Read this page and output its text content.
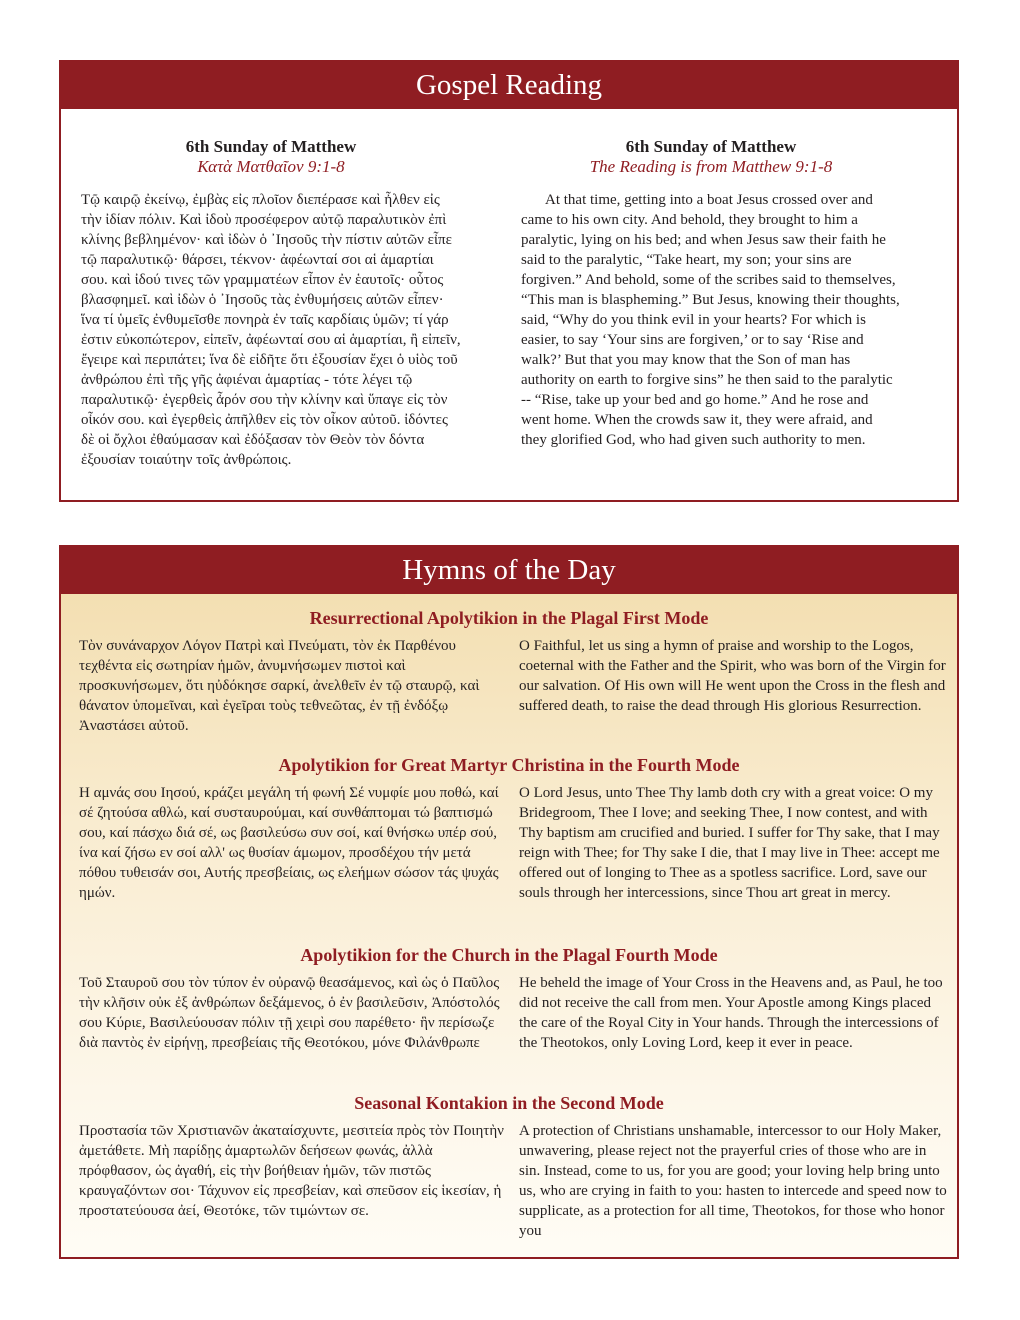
Gospel Reading
6th Sunday of Matthew
Κατὰ Ματθαῖον 9:1-8
Τῷ καιρῷ ἐκείνῳ, ἐμβὰς εἰς πλοῖον διεπέρασε καὶ ἦλθεν εἰς τὴν ἰδίαν πόλιν. Καὶ ἰδοὺ προσέφερον αὐτῷ παραλυτικὸν ἐπὶ κλίνης βεβλημένον· καὶ ἰδὼν ὁ ᾿Ιησοῦς τὴν πίστιν αὐτῶν εἶπε τῷ παραλυτικῷ· θάρσει, τέκνον· ἀφέωνταί σοι αἱ ἁμαρτίαι σου. καὶ ἰδού τινες τῶν γραμματέων εἶπον ἐν ἑαυτοῖς· οὗτος βλασφημεῖ. καὶ ἰδὼν ὁ ᾿Ιησοῦς τὰς ἐνθυμήσεις αὐτῶν εἶπεν· ἵνα τί ὑμεῖς ἐνθυμεῖσθε πονηρὰ ἐν ταῖς καρδίαις ὑμῶν; τί γάρ ἐστιν εὐκοπώτερον, εἰπεῖν, ἀφέωνταί σου αἱ ἁμαρτίαι, ἢ εἰπεῖν, ἔγειρε καὶ περιπάτει; ἵνα δὲ εἰδῆτε ὅτι ἐξουσίαν ἔχει ὁ υἱὸς τοῦ ἀνθρώπου ἐπὶ τῆς γῆς ἀφιέναι ἁμαρτίας - τότε λέγει τῷ παραλυτικῷ· ἐγερθεὶς ἆρόν σου τὴν κλίνην καὶ ὕπαγε εἰς τὸν οἶκόν σου. καὶ ἐγερθεὶς ἀπῆλθεν εἰς τὸν οἶκον αὐτοῦ. ἰδόντες δὲ οἱ ὄχλοι ἐθαύμασαν καὶ ἐδόξασαν τὸν Θεὸν τὸν δόντα ἐξουσίαν τοιαύτην τοῖς ἀνθρώποις.
6th Sunday of Matthew
The Reading is from Matthew 9:1-8
At that time, getting into a boat Jesus crossed over and came to his own city. And behold, they brought to him a paralytic, lying on his bed; and when Jesus saw their faith he said to the paralytic, “Take heart, my son; your sins are forgiven.” And behold, some of the scribes said to themselves, “This man is blaspheming.” But Jesus, knowing their thoughts, said, “Why do you think evil in your hearts? For which is easier, to say ‘Your sins are forgiven,’ or to say ‘Rise and walk?’ But that you may know that the Son of man has authority on earth to forgive sins” he then said to the paralytic -- “Rise, take up your bed and go home.” And he rose and went home. When the crowds saw it, they were afraid, and they glorified God, who had given such authority to men.
Hymns of the Day
Resurrectional Apolytikion in the Plagal First Mode
Τὸν συνάναρχον Λόγον Πατρὶ καὶ Πνεύματι, τὸν ἐκ Παρθένου τεχθέντα εἰς σωτηρίαν ἡμῶν, ἀνυμνήσωμεν πιστοὶ καὶ προσκυνήσωμεν, ὅτι ηὐδόκησε σαρκί, ἀνελθεῖν ἐν τῷ σταυρῷ, καὶ θάνατον ὑπομεῖναι, καὶ ἐγεῖραι τοὺς τεθνεῶτας, ἐν τῇ ἐνδόξῳ Ἀναστάσει αὐτοῦ.
O Faithful, let us sing a hymn of praise and worship to the Logos, coeternal with the Father and the Spirit, who was born of the Virgin for our salvation. Of His own will He went upon the Cross in the flesh and suffered death, to raise the dead through His glorious Resurrection.
Apolytikion for Great Martyr Christina in the Fourth Mode
Η αμνάς σου Ιησού, κράζει μεγάλη τή φωνή Σέ νυμφίε μου ποθώ, καί σέ ζητούσα αθλώ, καί συσταυρούμαι, καί συνθάπτομαι τώ βαπτισμώ σου, καί πάσχω διά σέ, ως βασιλεύσω συν σοί, καί θνήσκω υπέρ σού, ίνα καί ζήσω εν σοί αλλ' ως θυσίαν άμωμον, προσδέχου τήν μετά πόθου τυθεισάν σοι, Αυτής πρεσβείαις, ως ελεήμων σώσον τάς ψυχάς ημών.
O Lord Jesus, unto Thee Thy lamb doth cry with a great voice: O my Bridegroom, Thee I love; and seeking Thee, I now contest, and with Thy baptism am crucified and buried. I suffer for Thy sake, that I may reign with Thee; for Thy sake I die, that I may live in Thee: accept me offered out of longing to Thee as a spotless sacrifice. Lord, save our souls through her intercessions, since Thou art great in mercy.
Apolytikion for the Church in the Plagal Fourth Mode
Τοῦ Σταυροῦ σου τὸν τύπον ἐν οὐρανῷ θεασάμενος, καὶ ὡς ὁ Παῦλος τὴν κλῆσιν οὐκ ἐξ ἀνθρώπων δεξάμενος, ὁ ἐν βασιλεῦσιν, Ἀπόστολός σου Κύριε, Βασιλεύουσαν πόλιν τῇ χειρὶ σου παρέθετο· ἣν περίσωζε διὰ παντὸς ἐν εἰρήνῃ, πρεσβείαις τῆς Θεοτόκου, μόνε Φιλάνθρωπε
He beheld the image of Your Cross in the Heavens and, as Paul, he too did not receive the call from men. Your Apostle among Kings placed the care of the Royal City in Your hands. Through the intercessions of the Theotokos, only Loving Lord, keep it ever in peace.
Seasonal Kontakion in the Second Mode
Προστασία τῶν Χριστιανῶν ἀκαταίσχυντε, μεσιτεία πρὸς τὸν Ποιητὴν ἀμετάθετε. Μὴ παρίδῃς ἁμαρτωλῶν δεήσεων φωνάς, ἀλλὰ πρόφθασον, ὡς ἀγαθή, εἰς τὴν βοήθειαν ἡμῶν, τῶν πιστῶς κραυγαζόντων σοι· Τάχυνον εἰς πρεσβείαν, καὶ σπεῦσον εἰς ἱκεσίαν, ἡ προστατεύουσα ἀεί, Θεοτόκε, τῶν τιμώντων σε.
A protection of Christians unshamable, intercessor to our Holy Maker, unwavering, please reject not the prayerful cries of those who are in sin. Instead, come to us, for you are good; your loving help bring unto us, who are crying in faith to you: hasten to intercede and speed now to supplicate, as a protection for all time, Theotokos, for those who honor you
